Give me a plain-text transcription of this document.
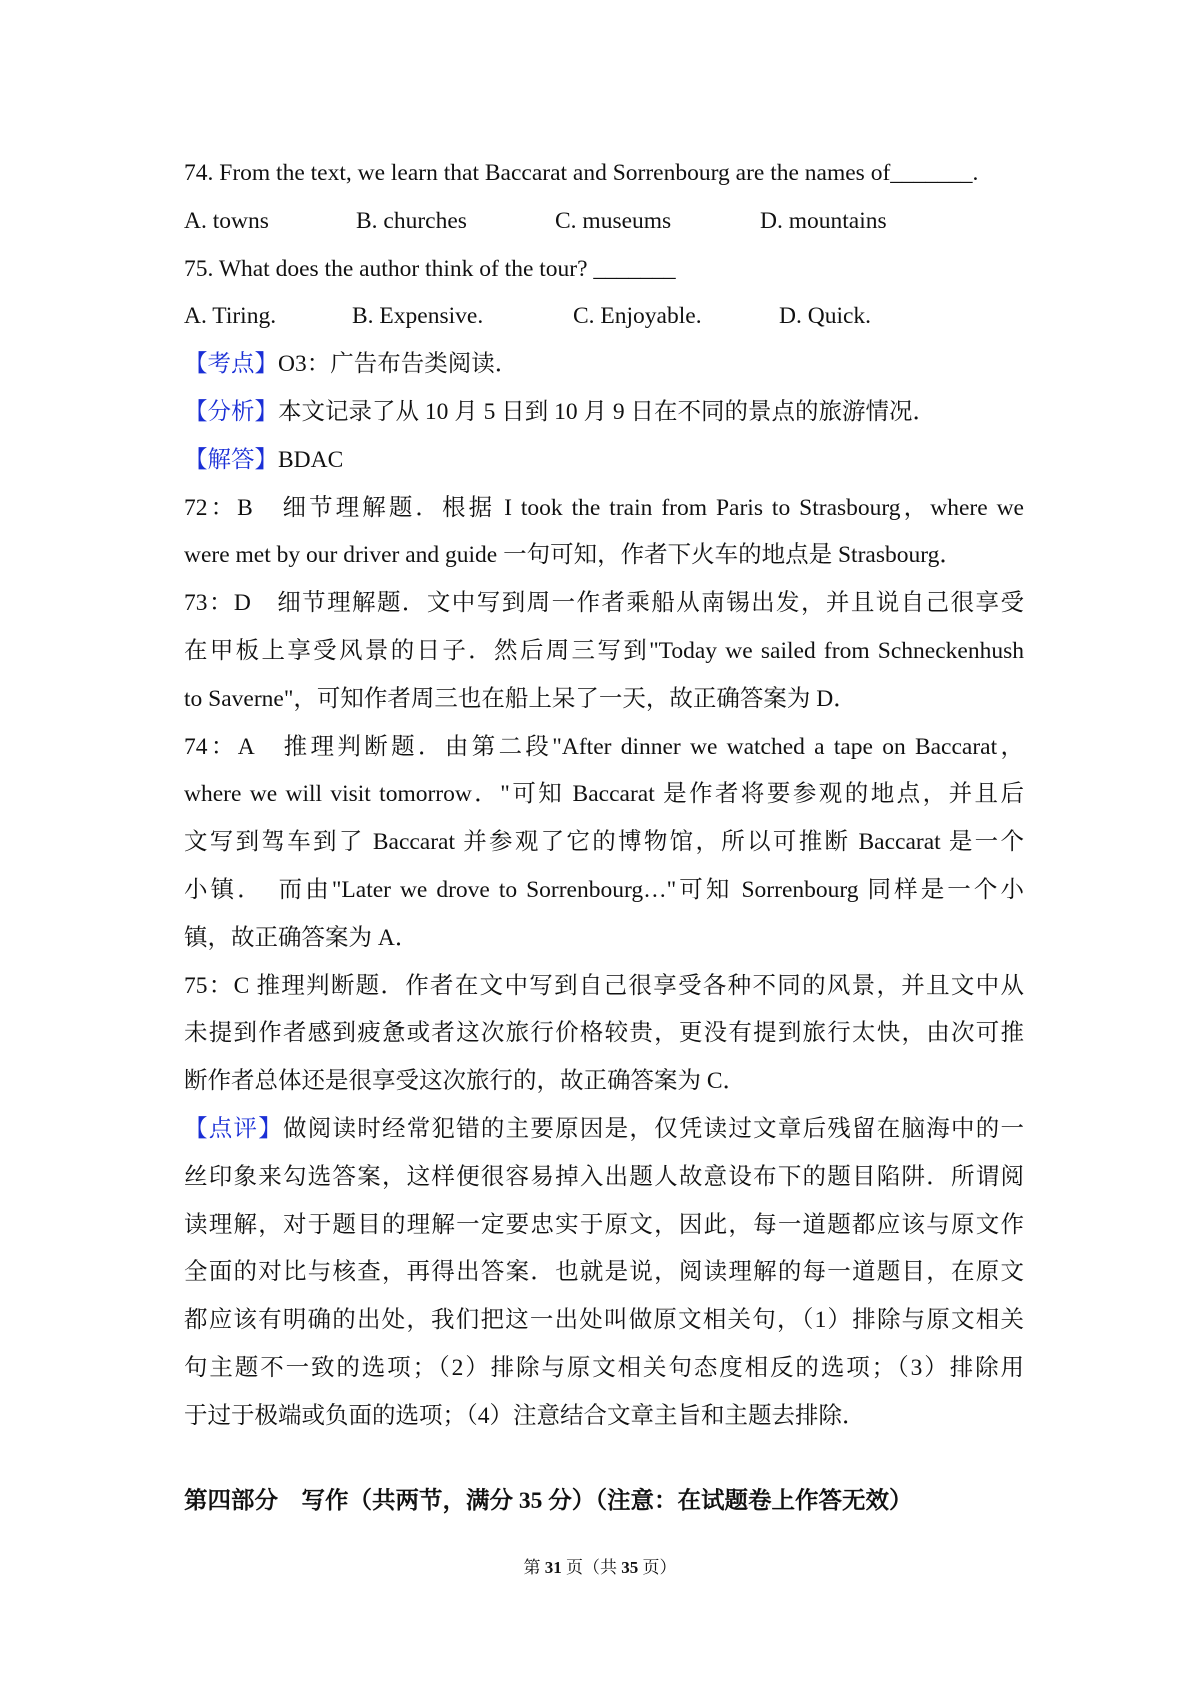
74. From the text, we learn that Baccarat and Sorrenbourg are the names of_______.
A. towns	B. churches	C. museums	D. mountains
75. What does the author think of the tour? _______
A. Tiring.	B. Expensive.	C. Enjoyable.	D. Quick.
【考点】O3：广告布告类阅读．
【分析】本文记录了从 10 月 5 日到 10 月 9 日在不同的景点的旅游情况．
【解答】BDAC
72：B　细节理解题．根据 I took the train from Paris to Strasbourg，where we
were met by our driver and guide 一句可知，作者下火车的地点是 Strasbourg．
73：D　细节理解题．文中写到周一作者乘船从南锡出发，并且说自己很享受
在甲板上享受风景的日子．然后周三写到"Today we sailed from Schneckenhush
to Saverne"，可知作者周三也在船上呆了一天，故正确答案为 D．
74：A　推理判断题．由第二段"After dinner we watched a tape on Baccarat，
where we will visit tomorrow．"可知 Baccarat 是作者将要参观的地点，并且后
文写到驾车到了 Baccarat 并参观了它的博物馆，所以可推断 Baccarat 是一个
小镇．　而由"Later we drove to Sorrenbourg…"可知 Sorrenbourg 同样是一个小
镇，故正确答案为 A．
75：C 推理判断题．作者在文中写到自己很享受各种不同的风景，并且文中从
未提到作者感到疲惫或者这次旅行价格较贵，更没有提到旅行太快，由次可推
断作者总体还是很享受这次旅行的，故正确答案为 C．
【点评】做阅读时经常犯错的主要原因是，仅凭读过文章后残留在脑海中的一
丝印象来勾选答案，这样便很容易掉入出题人故意设布下的题目陷阱．所谓阅
读理解，对于题目的理解一定要忠实于原文，因此，每一道题都应该与原文作
全面的对比与核查，再得出答案．也就是说，阅读理解的每一道题目，在原文
都应该有明确的出处，我们把这一出处叫做原文相关句，（1）排除与原文相关
句主题不一致的选项；（2）排除与原文相关句态度相反的选项；（3）排除用
于过于极端或负面的选项；（4）注意结合文章主旨和主题去排除．
第四部分　写作（共两节，满分 35 分）（注意：在试题卷上作答无效）
第 31 页（共 35 页）
